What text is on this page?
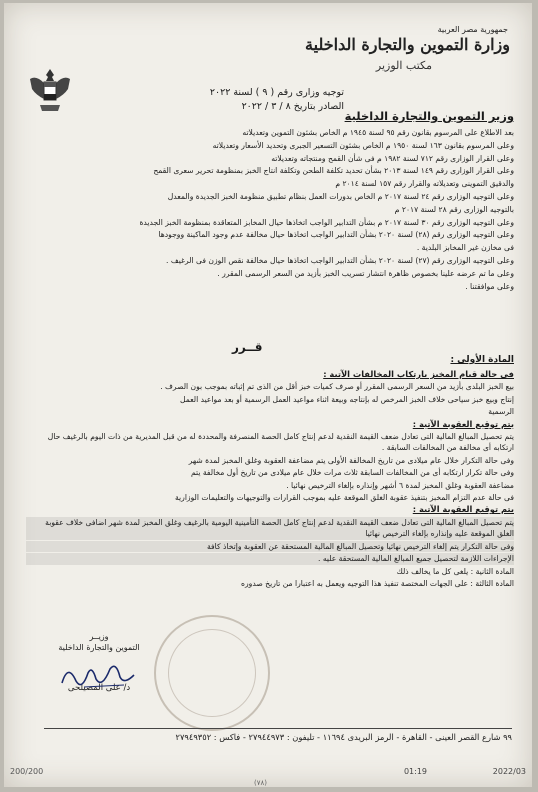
جمهورية مصر العربية
وزارة التموين والتجارة الداخلية
مكتب الوزير
توجيه وزارى رقم ( ٩ ) لسنة ٢٠٢٢
الصادر بتاريخ ٨ / ٣ / ٢٠٢٢
وزير التموين والتجارة الداخلية

بعد الاطلاع على المرسوم بقانون رقم ٩٥ لسنة ١٩٤٥ م الخاص بشئون التموين وتعديلاته

وعلى المرسوم بقانون ١٦٣ لسنة ١٩٥٠ م الخاص بشئون التسعير الجبرى وتحديد الأسعار وتعديلاته

وعلى القرار الوزارى رقم ٧١٢ لسنة ١٩٨٢ م فى شأن القمح ومنتجاته وتعديلاته

وعلى القرار الوزارى رقم ١٤٩ لسنة ٢٠١٣ بشأن تحديد تكلفة الطحن وتكلفة انتاج الخبز بمنظومة تحرير سعرى القمح

والدقيق التموينى وتعديلاته والقرار رقم ١٥٧ لسنة ٢٠١٤ م

وعلى التوجيه الوزارى رقم ٢٤ لسنة ٢٠١٧ م الخاص بدورات العمل بنظام تطبيق منظومة الخبز الجديدة والمعدل

بالتوجيه الوزارى رقم ٢٨ لسنة ٢٠١٧ م

وعلى التوجيه الوزارى رقم ٣٠ لسنة ٢٠١٧ م بشأن التدابير الواجب اتخاذها حيال المخابز المتعاقدة بمنظومة الخبز الجديدة

وعلى التوجيه الوزارى رقم (٢٨) لسنة ٢٠٢٠ بشأن التدابير الواجب اتخاذها حيال مخالفة عدم وجود الماكينة ووجودها

فى مخازن غير المخابز البلدية .

وعلى التوجيه الوزارى رقم (٢٧) لسنة ٢٠٢٠ بشأن التدابير الواجب اتخاذها حيال مخالفة نقص الوزن فى الرغيف .

وعلى ما تم عرضه علينا بخصوص ظاهرة انتشار تسريب الخبز بأزيد من السعر الرسمى المقرر .

وعلى موافقتنا .

قــرر
المادة الأولى :

فى حالة قيام المخبز بارتكاب المخالفات الآتية :

بيع الخبز البلدى بأزيد من السعر الرسمى المقرر أو صرف كميات خبز أقل من الذى تم إثباته بموجب بون الصرف .

إنتاج وبيع خبز سياحى خلاف الخبز المرخص له بإنتاجه وبيعة اثناء مواعيد العمل الرسمية أو بعد مواعيد العمل

الرسمية

يتم توقيع العقوبة الآتية :

يتم تحصيل المبالغ المالية التى تعادل ضعف القيمة النقدية لدعم إنتاج كامل الحصة المنصرفة والمحددة له من قبل المديرية من ذات اليوم بالرغيف حال ارتكابه أى مخالفة من المخالفات السابقة .

وفى حالة التكرار خلال عام ميلادى من تاريخ المخالفة الأولى يتم مضاعفة العقوبة وغلق المخبز لمدة شهر

وفى حالة تكرار ارتكابه أى من المخالفات السابقة ثلاث مرات خلال عام ميلادى من تاريخ أول مخالفة يتم

مضاعفة العقوبة وغلق المخبز لمدة ٦ أشهر وإنذاره بإلغاء الترخيص نهائيا .

فى حالة عدم التزام المخبز بتنفيذ عقوبة الغلق الموقعة عليه بموجب القرارات والتوجيهات والتعليمات الوزارية

يتم توقيع العقوبة الآتية :

يتم تحصيل المبالغ المالية التى تعادل ضعف القيمة النقدية لدعم إنتاج كامل الحصة التأمينية اليومية بالرغيف وغلق المخبز لمدة شهر اضافى خلاف عقوبة الغلق الموقعة عليه وإنذاره بإلغاء الترخيص نهائيا

وفى حالة التكرار يتم إلغاء الترخيص نهائيا وتحصيل المبالغ المالية المستحقة عن العقوبة وإتخاذ كافة

الإجراءات اللازمة لتحصيل جميع المبالغ المالية المستحقة عليه .

المادة الثانية : يلغى كل ما يخالف ذلك

المادة الثالثة : على الجهات المختصة تنفيذ هذا التوجيه ويعمل به اعتبارا من تاريخ صدوره

وزيــر
التموين والتجارة الداخلية
د/ على المصيلحى
٩٩ شارع القصر العينى - القاهرة - الرمز البريدى ١١٦٩٤ - تليفون : ٢٧٩٤٤٩٧٣ - فاكس : ٢٧٩٤٩٣٥٢
2022/03
01:19
200/200
(٧٨)
